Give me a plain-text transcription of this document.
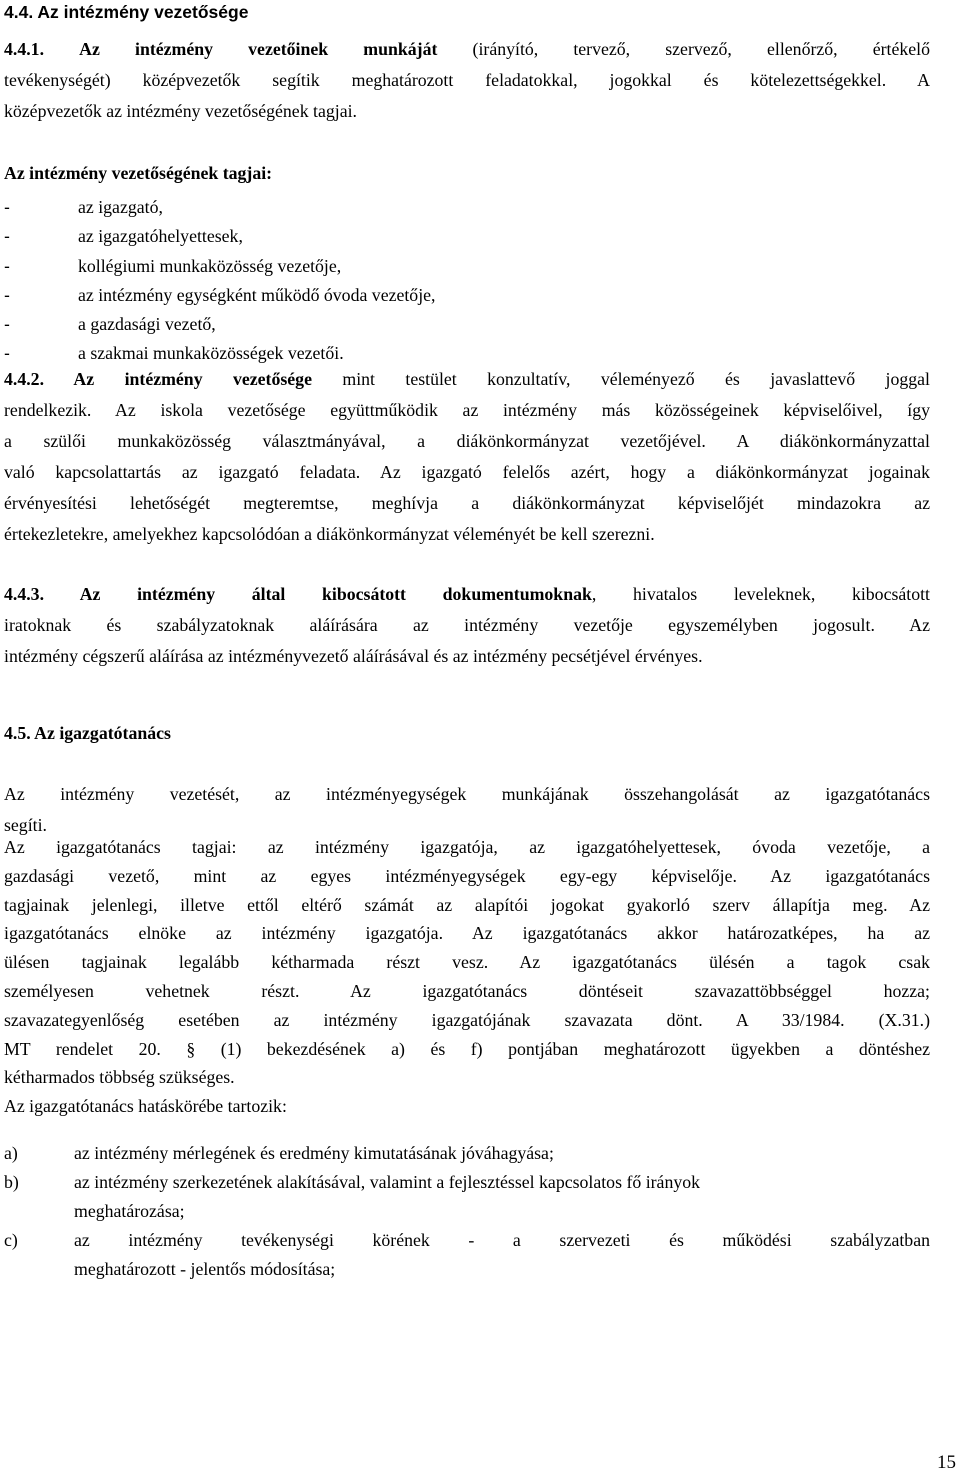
4.4. Az intézmény vezetősége
4.4.1. Az intézmény vezetőinek munkáját (irányító, tervező, szervező, ellenőrző, értékelő
tevékenységét) középvezetők segítik meghatározott feladatokkal, jogokkal és kötelezettségekkel. A
középvezetők az intézmény vezetőségének tagjai.
Az intézmény vezetőségének tagjai:
-	az igazgató,
-	az igazgatóhelyettesek,
-	kollégiumi munkaközösség vezetője,
-	az intézmény egységként működő óvoda vezetője,
-	a gazdasági vezető,
-	a szakmai munkaközösségek vezetői.
4.4.2. Az intézmény vezetősége mint testület konzultatív, véleményező és javaslattevő joggal
rendelkezik. Az iskola vezetősége együttműködik az intézmény más közösségeinek képviselőivel, így
a szülői munkaközösség választmányával, a diákönkormányzat vezetőjével. A diákönkormányzattal
való kapcsolattartás az igazgató feladata. Az igazgató felelős azért, hogy a diákönkormányzat jogainak
érvényesítési lehetőségét megteremtse, meghívja a diákönkormányzat képviselőjét mindazokra az
értekezletekre, amelyekhez kapcsolódóan a diákönkormányzat véleményét be kell szerezni.
4.4.3. Az intézmény által kibocsátott dokumentumoknak, hivatalos leveleknek, kibocsátott
iratoknak és szabályzatoknak aláírására az intézmény vezetője egyszemélyben jogosult. Az
intézmény cégszerű aláírása az intézményvezető aláírásával és az intézmény pecsétjével érvényes.
4.5. Az igazgatótanács
Az intézmény vezetését, az intézményegységek munkájának összehangolását az igazgatótanács
segíti.
Az igazgatótanács tagjai: az intézmény igazgatója, az igazgatóhelyettesek, óvoda vezetője, a
gazdasági vezető, mint az egyes intézményegységek egy-egy képviselője. Az igazgatótanács
tagjainak jelenlegi, illetve ettől eltérő számát az alapítói jogokat gyakorló szerv állapítja meg. Az
igazgatótanács elnöke az intézmény igazgatója. Az igazgatótanács akkor határozatképes, ha az
ülésen tagjainak legalább kétharmada részt vesz. Az igazgatótanács ülésén a tagok csak
személyesen vehetnek részt. Az igazgatótanács döntéseit szavazattöbbséggel hozza;
szavazategyenlőség esetében az intézmény igazgatójának szavazata dönt. A 33/1984. (X.31.)
MT rendelet 20. § (1) bekezdésének a) és f) pontjában meghatározott ügyekben a döntéshez
kétharmados többség szükséges.
Az igazgatótanács hatáskörébe tartozik:
a)	az intézmény mérlegének és eredmény kimutatásának jóváhagyása;
b)	az intézmény szerkezetének alakításával, valamint a fejlesztéssel kapcsolatos fő irányok
meghatározása;
c)	az intézmény tevékenységi körének - a szervezeti és működési szabályzatban
meghatározott - jelentős módosítása;
15
